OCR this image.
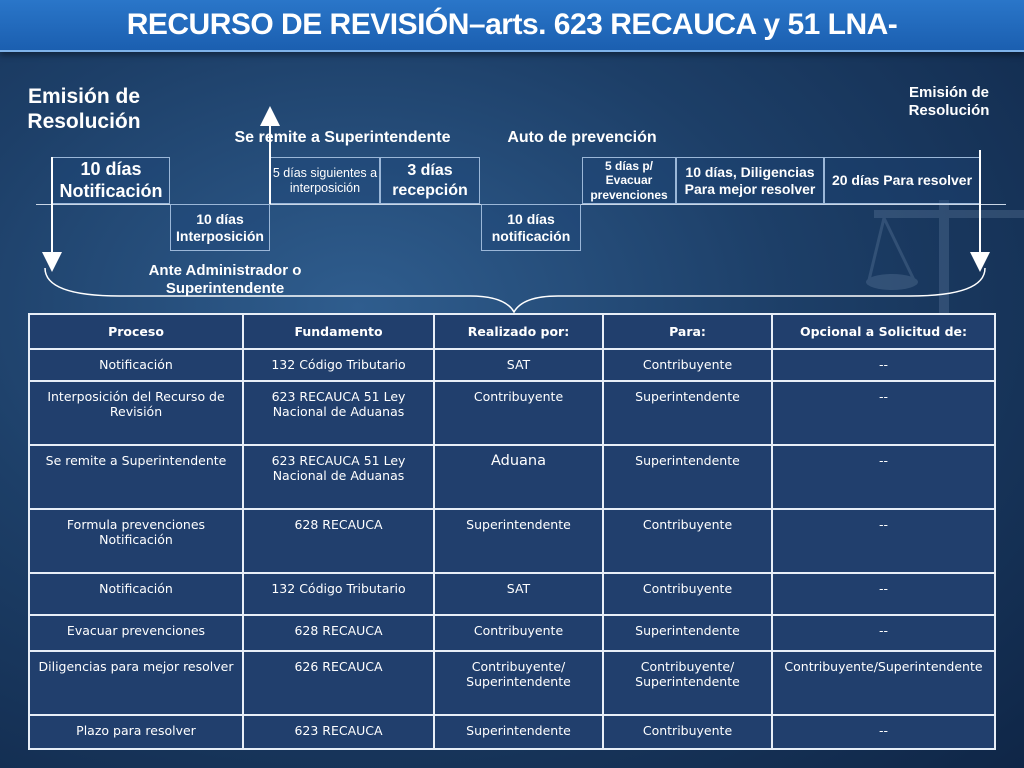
RECURSO DE REVISIÓN–arts. 623 RECAUCA y 51 LNA-
Emisión de Resolución
Emisión de Resolución
Se remite a Superintendente	Auto de prevención
10 días Notificación
10 días Interposición
5 días siguientes a interposición
3 días recepción
10 días notificación
5 días p/ Evacuar prevenciones
10 días, Diligencias Para mejor resolver
20 días Para resolver
Ante Administrador o Superintendente
Proceso	Fundamento	Realizado por:	Para:	Opcional a Solicitud de:
Notificación	132 Código Tributario	SAT	Contribuyente	--
Interposición del Recurso de Revisión	623 RECAUCA 51 Ley Nacional de Aduanas	Contribuyente	Superintendente	--
Se remite a Superintendente	623 RECAUCA 51 Ley Nacional de Aduanas	Aduana	Superintendente	--
Formula prevenciones Notificación	628 RECAUCA	Superintendente	Contribuyente	--
Notificación	132 Código Tributario	SAT	Contribuyente	--
Evacuar prevenciones	628 RECAUCA	Contribuyente	Superintendente	--
Diligencias para mejor resolver	626 RECAUCA	Contribuyente/ Superintendente	Contribuyente/ Superintendente	Contribuyente/Superintendente
Plazo para resolver	623 RECAUCA	Superintendente	Contribuyente	--
